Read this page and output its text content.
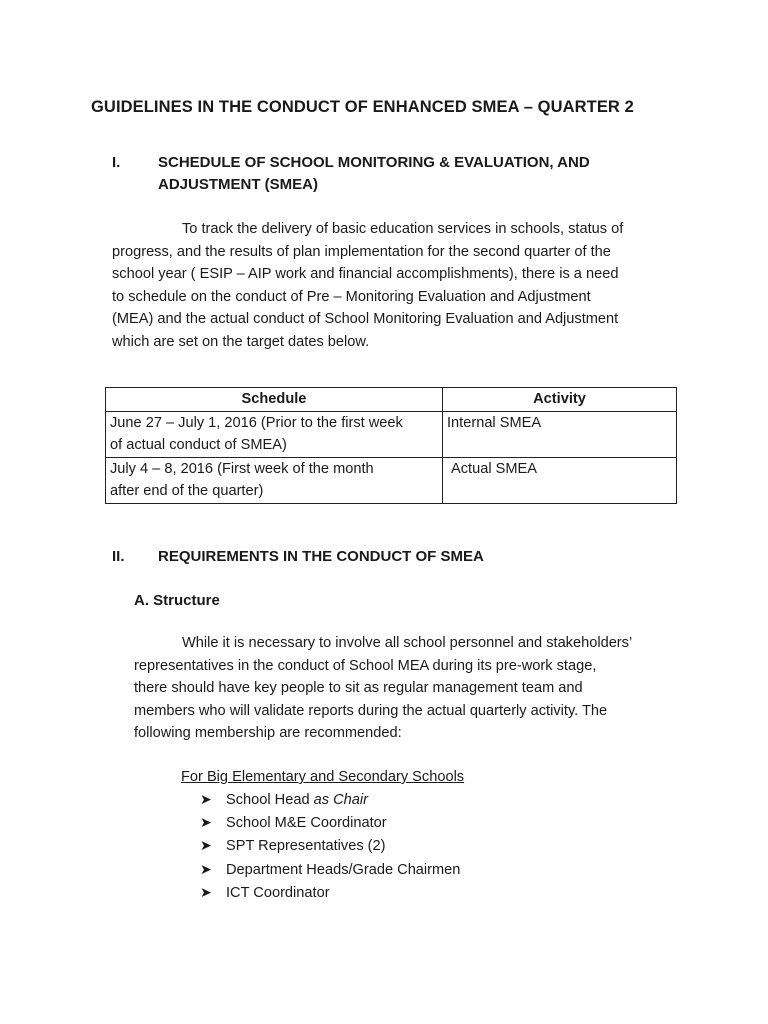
GUIDELINES IN THE CONDUCT OF ENHANCED SMEA – QUARTER 2
I.	SCHEDULE OF SCHOOL MONITORING & EVALUATION, AND
ADJUSTMENT (SMEA)
To track the delivery of basic education services in schools, status of
progress, and the results of plan implementation for the second quarter of the
school year ( ESIP – AIP work and financial accomplishments), there is a need
to schedule on the conduct of Pre – Monitoring Evaluation and Adjustment
(MEA) and the actual conduct of School Monitoring Evaluation and Adjustment
which are set on the target dates below.
Schedule	Activity

June 27 – July 1, 2016 (Prior to the first week
of actual conduct of SMEA)	Internal SMEA

July 4 – 8, 2016 (First week of the month
after end of the quarter)	Actual SMEA
II. REQUIREMENTS IN THE CONDUCT OF SMEA
A. Structure
While it is necessary to involve all school personnel and stakeholders’
representatives in the conduct of School MEA during its pre-work stage,
there should have key people to sit as regular management team and
members who will validate reports during the actual quarterly activity. The
following membership are recommended:
For Big Elementary and Secondary Schools
➤ School Head as Chair
➤ School M&E Coordinator
➤ SPT Representatives (2)
➤ Department Heads/Grade Chairmen
➤ ICT Coordinator
